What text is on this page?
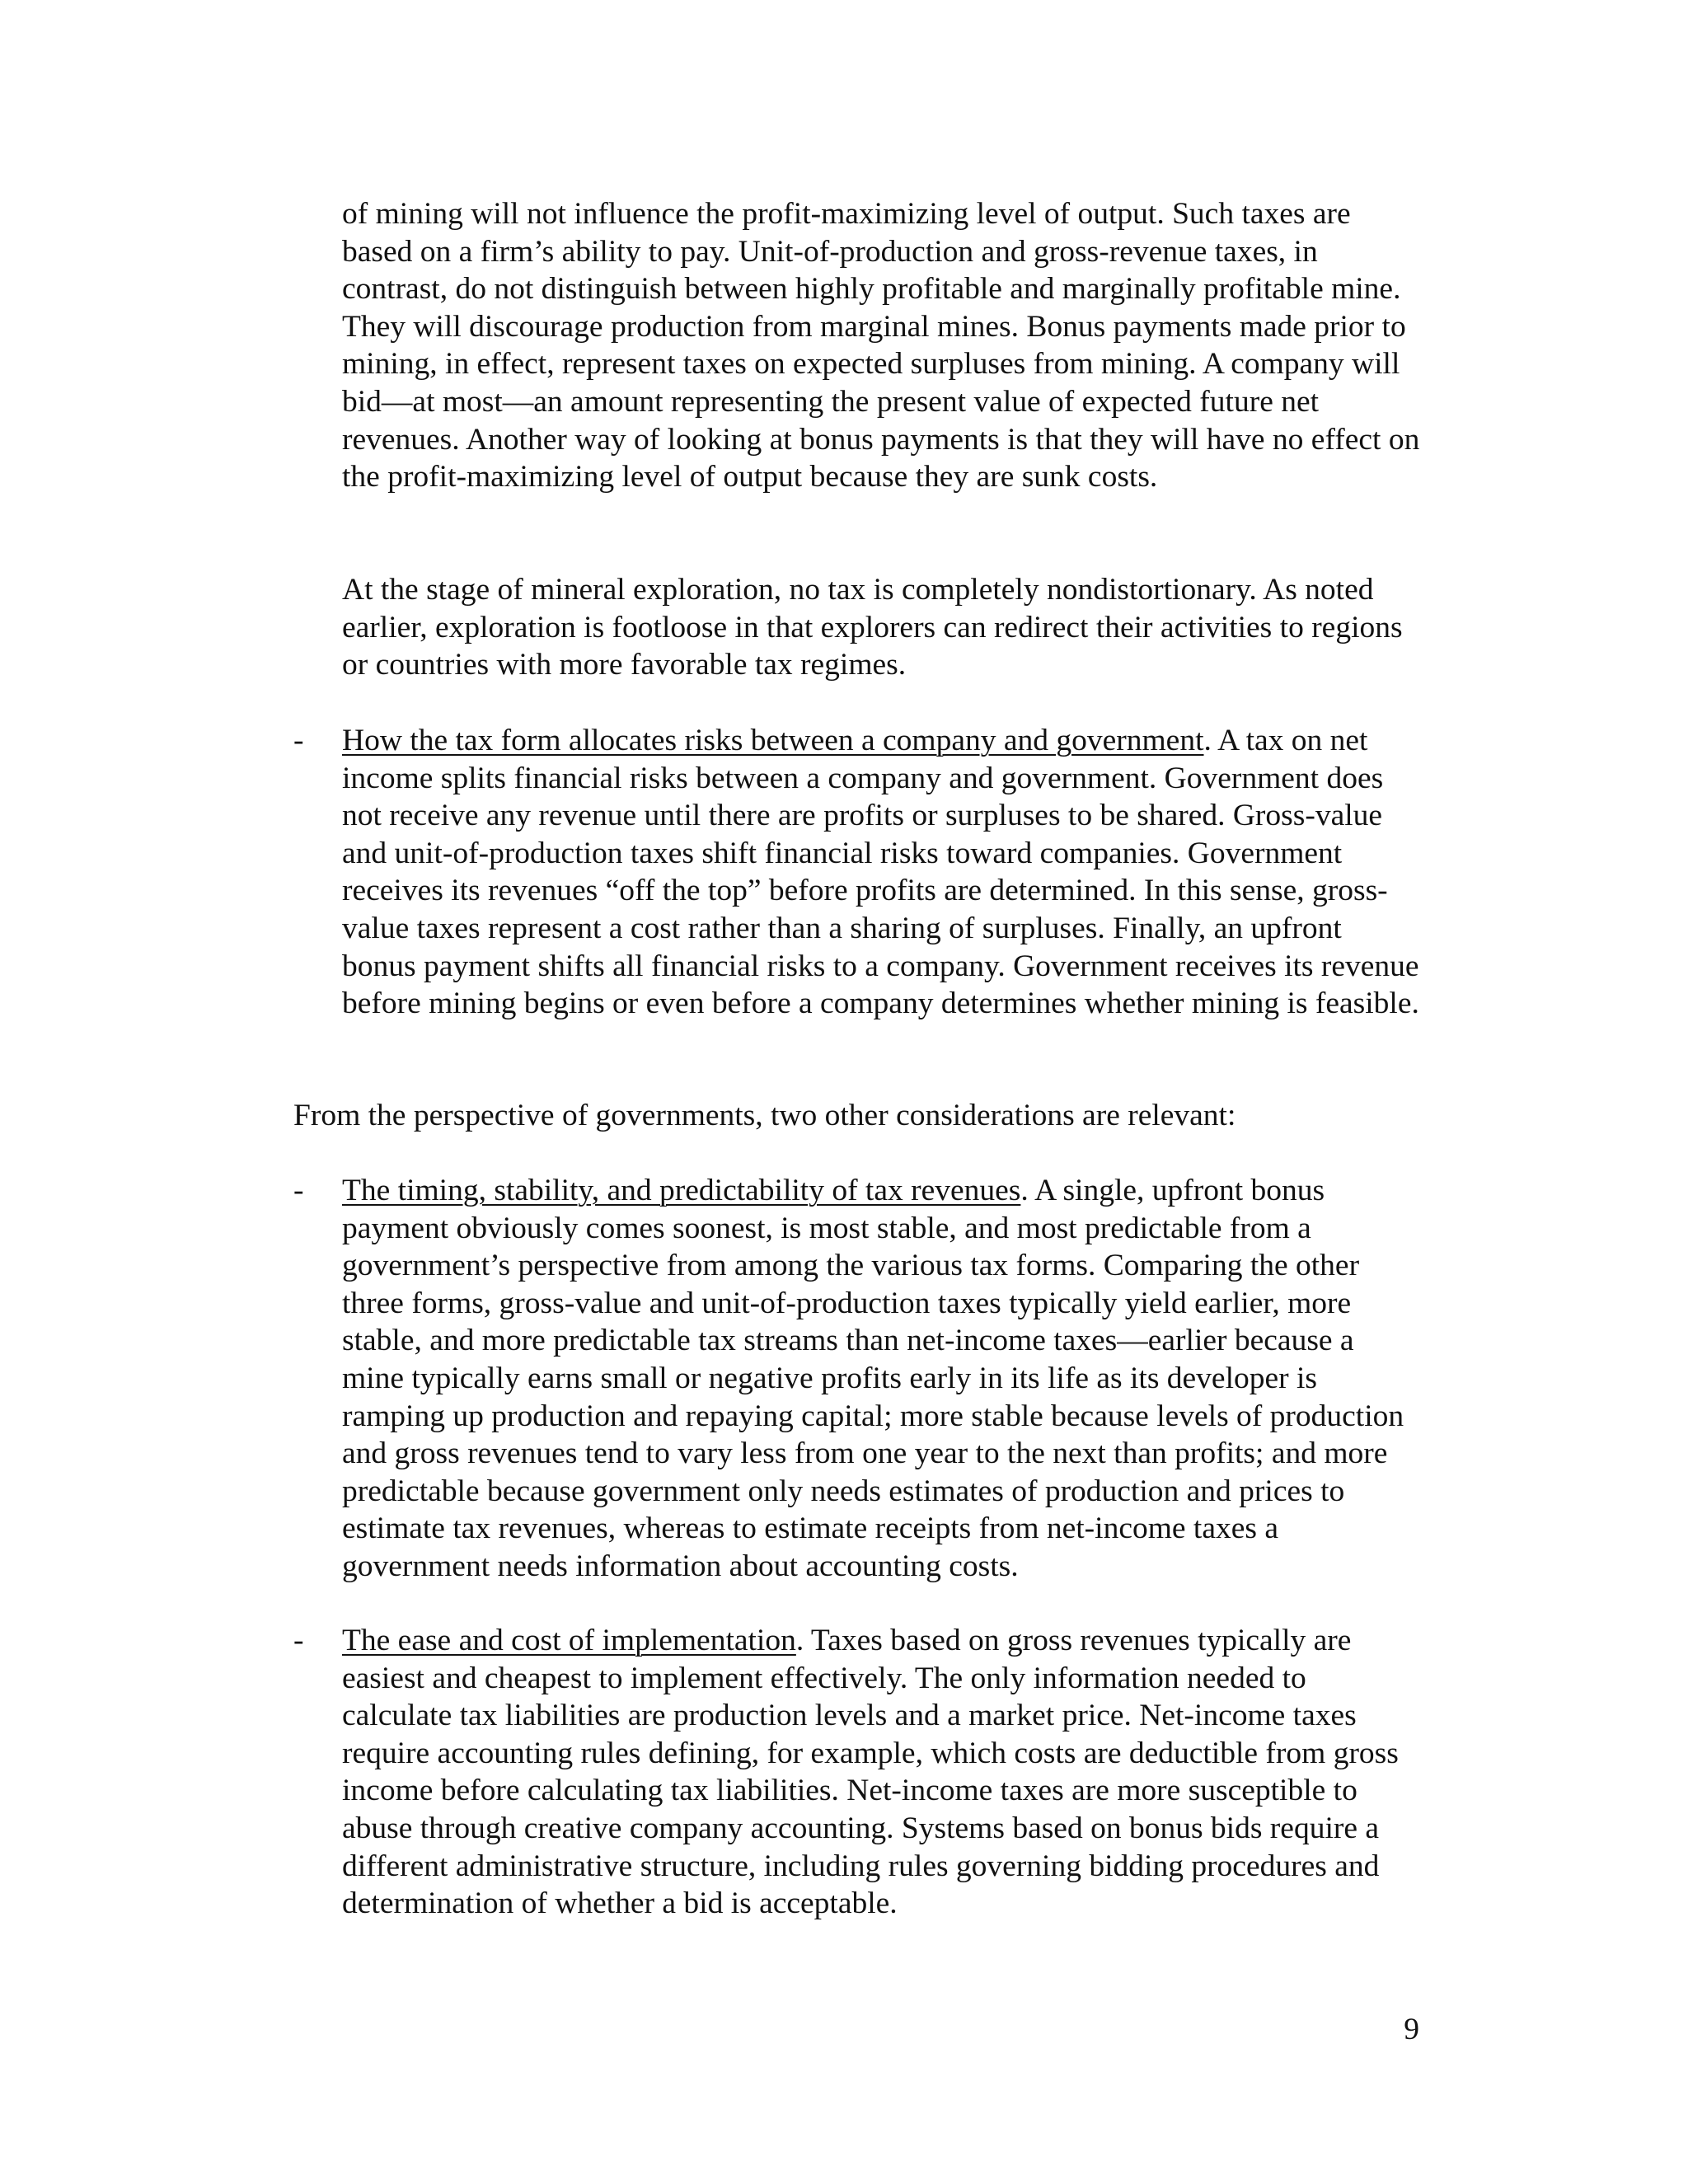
of mining will not influence the profit-maximizing level of output. Such taxes are based on a firm’s ability to pay. Unit-of-production and gross-revenue taxes, in contrast, do not distinguish between highly profitable and marginally profitable mine. They will discourage production from marginal mines. Bonus payments made prior to mining, in effect, represent taxes on expected surpluses from mining. A company will bid—at most—an amount representing the present value of expected future net revenues. Another way of looking at bonus payments is that they will have no effect on the profit-maximizing level of output because they are sunk costs.

At the stage of mineral exploration, no tax is completely nondistortionary. As noted earlier, exploration is footloose in that explorers can redirect their activities to regions or countries with more favorable tax regimes.

-	How the tax form allocates risks between a company and government. A tax on net income splits financial risks between a company and government. Government does not receive any revenue until there are profits or surpluses to be shared. Gross-value and unit-of-production taxes shift financial risks toward companies. Government receives its revenues “off the top” before profits are determined. In this sense, gross-value taxes represent a cost rather than a sharing of surpluses. Finally, an upfront bonus payment shifts all financial risks to a company. Government receives its revenue before mining begins or even before a company determines whether mining is feasible.

From the perspective of governments, two other considerations are relevant:

-	The timing, stability, and predictability of tax revenues. A single, upfront bonus payment obviously comes soonest, is most stable, and most predictable from a government’s perspective from among the various tax forms. Comparing the other three forms, gross-value and unit-of-production taxes typically yield earlier, more stable, and more predictable tax streams than net-income taxes—earlier because a mine typically earns small or negative profits early in its life as its developer is ramping up production and repaying capital; more stable because levels of production and gross revenues tend to vary less from one year to the next than profits; and more predictable because government only needs estimates of production and prices to estimate tax revenues, whereas to estimate receipts from net-income taxes a government needs information about accounting costs.
-	The ease and cost of implementation. Taxes based on gross revenues typically are easiest and cheapest to implement effectively. The only information needed to calculate tax liabilities are production levels and a market price. Net-income taxes require accounting rules defining, for example, which costs are deductible from gross income before calculating tax liabilities. Net-income taxes are more susceptible to abuse through creative company accounting. Systems based on bonus bids require a different administrative structure, including rules governing bidding procedures and determination of whether a bid is acceptable.
9
